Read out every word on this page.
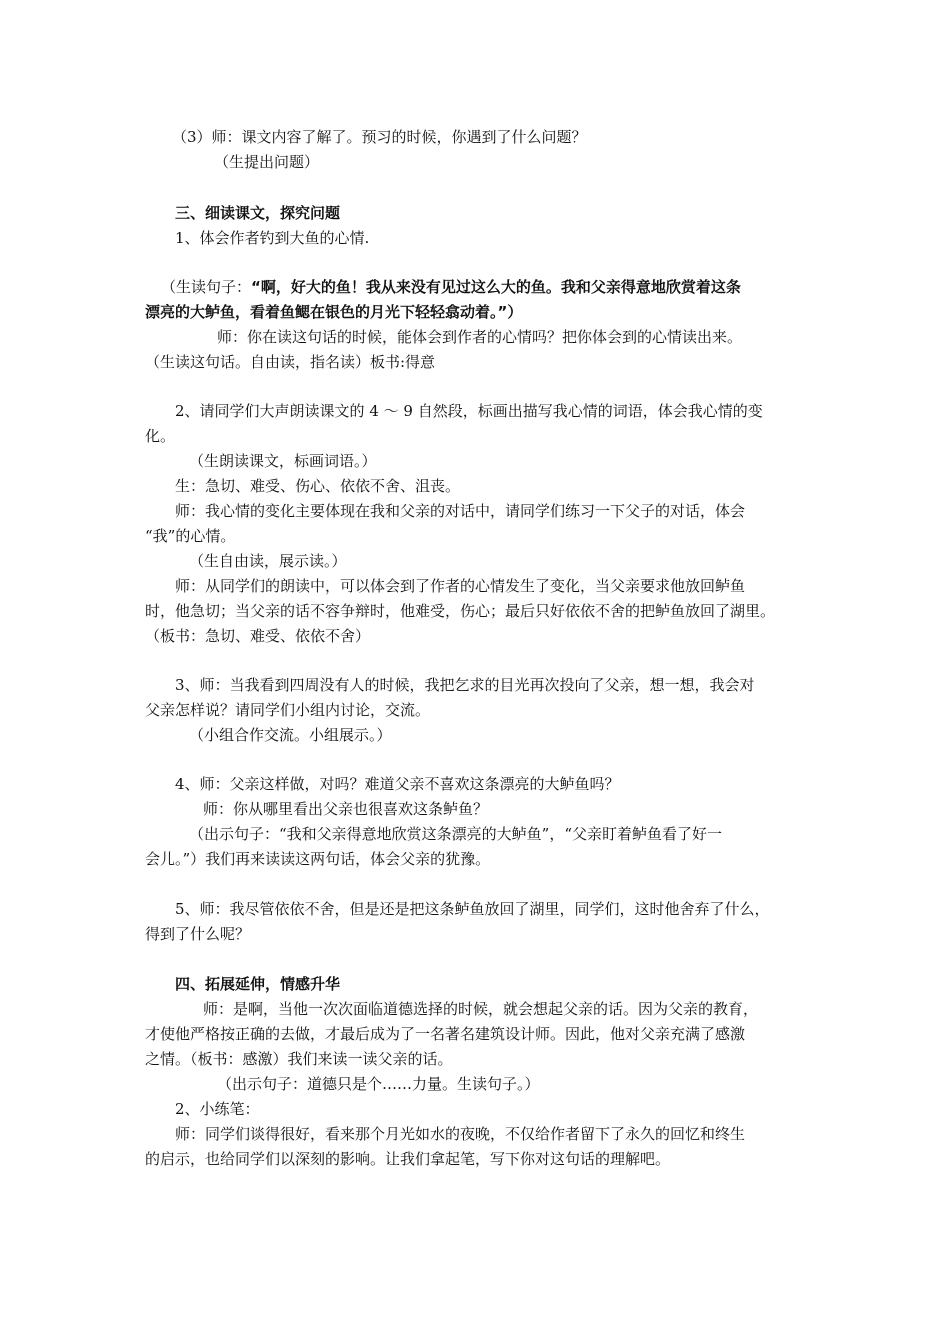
（3）师：课文内容了解了。预习的时候，你遇到了什么问题？
（生提出问题）
三、细读课文，探究问题
1、体会作者钓到大鱼的心情.
（生读句子：“啊，好大的鱼！我从来没有见过这么大的鱼。我和父亲得意地欣赏着这条
漂亮的大鲈鱼，看着鱼鳃在银色的月光下轻轻翕动着。”）
师：你在读这句话的时候，能体会到作者的心情吗？把你体会到的心情读出来。
（生读这句话。自由读，指名读）板书:得意
2、请同学们大声朗读课文的 4 ～ 9 自然段，标画出描写我心情的词语，体会我心情的变
化。
（生朗读课文，标画词语。）
生：急切、难受、伤心、依依不舍、沮丧。
师：我心情的变化主要体现在我和父亲的对话中，请同学们练习一下父子的对话，体会
“我”的心情。
（生自由读，展示读。）
师：从同学们的朗读中，可以体会到了作者的心情发生了变化，当父亲要求他放回鲈鱼
时，他急切；当父亲的话不容争辩时，他难受，伤心；最后只好依依不舍的把鲈鱼放回了湖里。
（板书：急切、难受、依依不舍）
3、师：当我看到四周没有人的时候，我把乞求的目光再次投向了父亲，想一想，我会对
父亲怎样说？请同学们小组内讨论，交流。
（小组合作交流。小组展示。）
4、师：父亲这样做，对吗？难道父亲不喜欢这条漂亮的大鲈鱼吗？
师：你从哪里看出父亲也很喜欢这条鲈鱼？
（出示句子：“我和父亲得意地欣赏这条漂亮的大鲈鱼”，“父亲盯着鲈鱼看了好一
会儿。”）我们再来读读这两句话，体会父亲的犹豫。
5、师：我尽管依依不舍，但是还是把这条鲈鱼放回了湖里，同学们，这时他舍弃了什么，
得到了什么呢？
四、拓展延伸，情感升华
师：是啊，当他一次次面临道德选择的时候，就会想起父亲的话。因为父亲的教育，
才使他严格按正确的去做，才最后成为了一名著名建筑设计师。因此，他对父亲充满了感激
之情。（板书：感激）我们来读一读父亲的话。
（出示句子：道德只是个……力量。生读句子。）
2、小练笔：
师：同学们谈得很好，看来那个月光如水的夜晚，不仅给作者留下了永久的回忆和终生
的启示，也给同学们以深刻的影响。让我们拿起笔，写下你对这句话的理解吧。
